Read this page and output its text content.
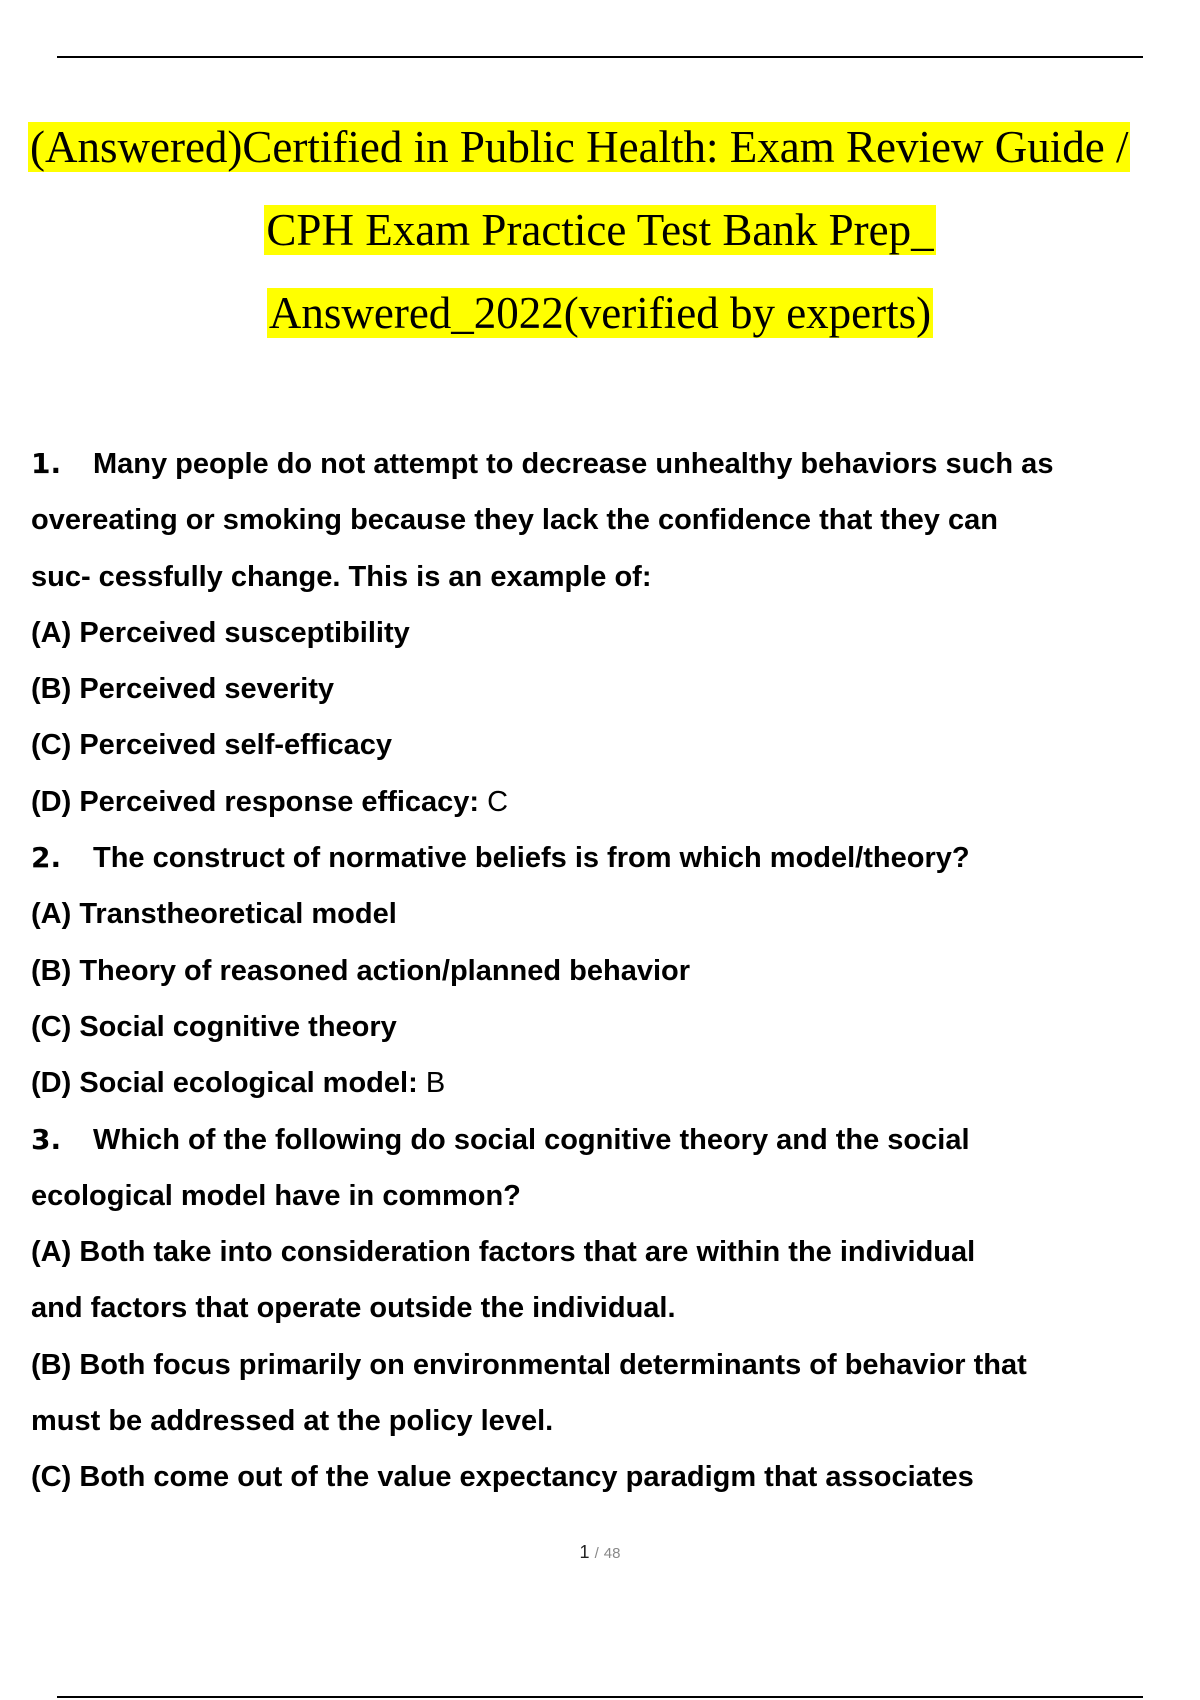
(Answered)Certified in Public Health: Exam Review Guide /
CPH Exam Practice Test Bank Prep_
Answered_2022(verified by experts)

1. Many people do not attempt to decrease unhealthy behaviors such as

overeating or smoking because they lack the confidence that they can

suc- cessfully change. This is an example of:

(A) Perceived susceptibility

(B) Perceived severity

(C) Perceived self-efficacy

(D) Perceived response efficacy: C

2. The construct of normative beliefs is from which model/theory?

(A) Transtheoretical model

(B) Theory of reasoned action/planned behavior

(C) Social cognitive theory

(D) Social ecological model: B

3. Which of the following do social cognitive theory and the social

ecological model have in common?

(A) Both take into consideration factors that are within the individual

and factors that operate outside the individual.

(B) Both focus primarily on environmental determinants of behavior that

must be addressed at the policy level.

(C) Both come out of the value expectancy paradigm that associates

1 / 48
